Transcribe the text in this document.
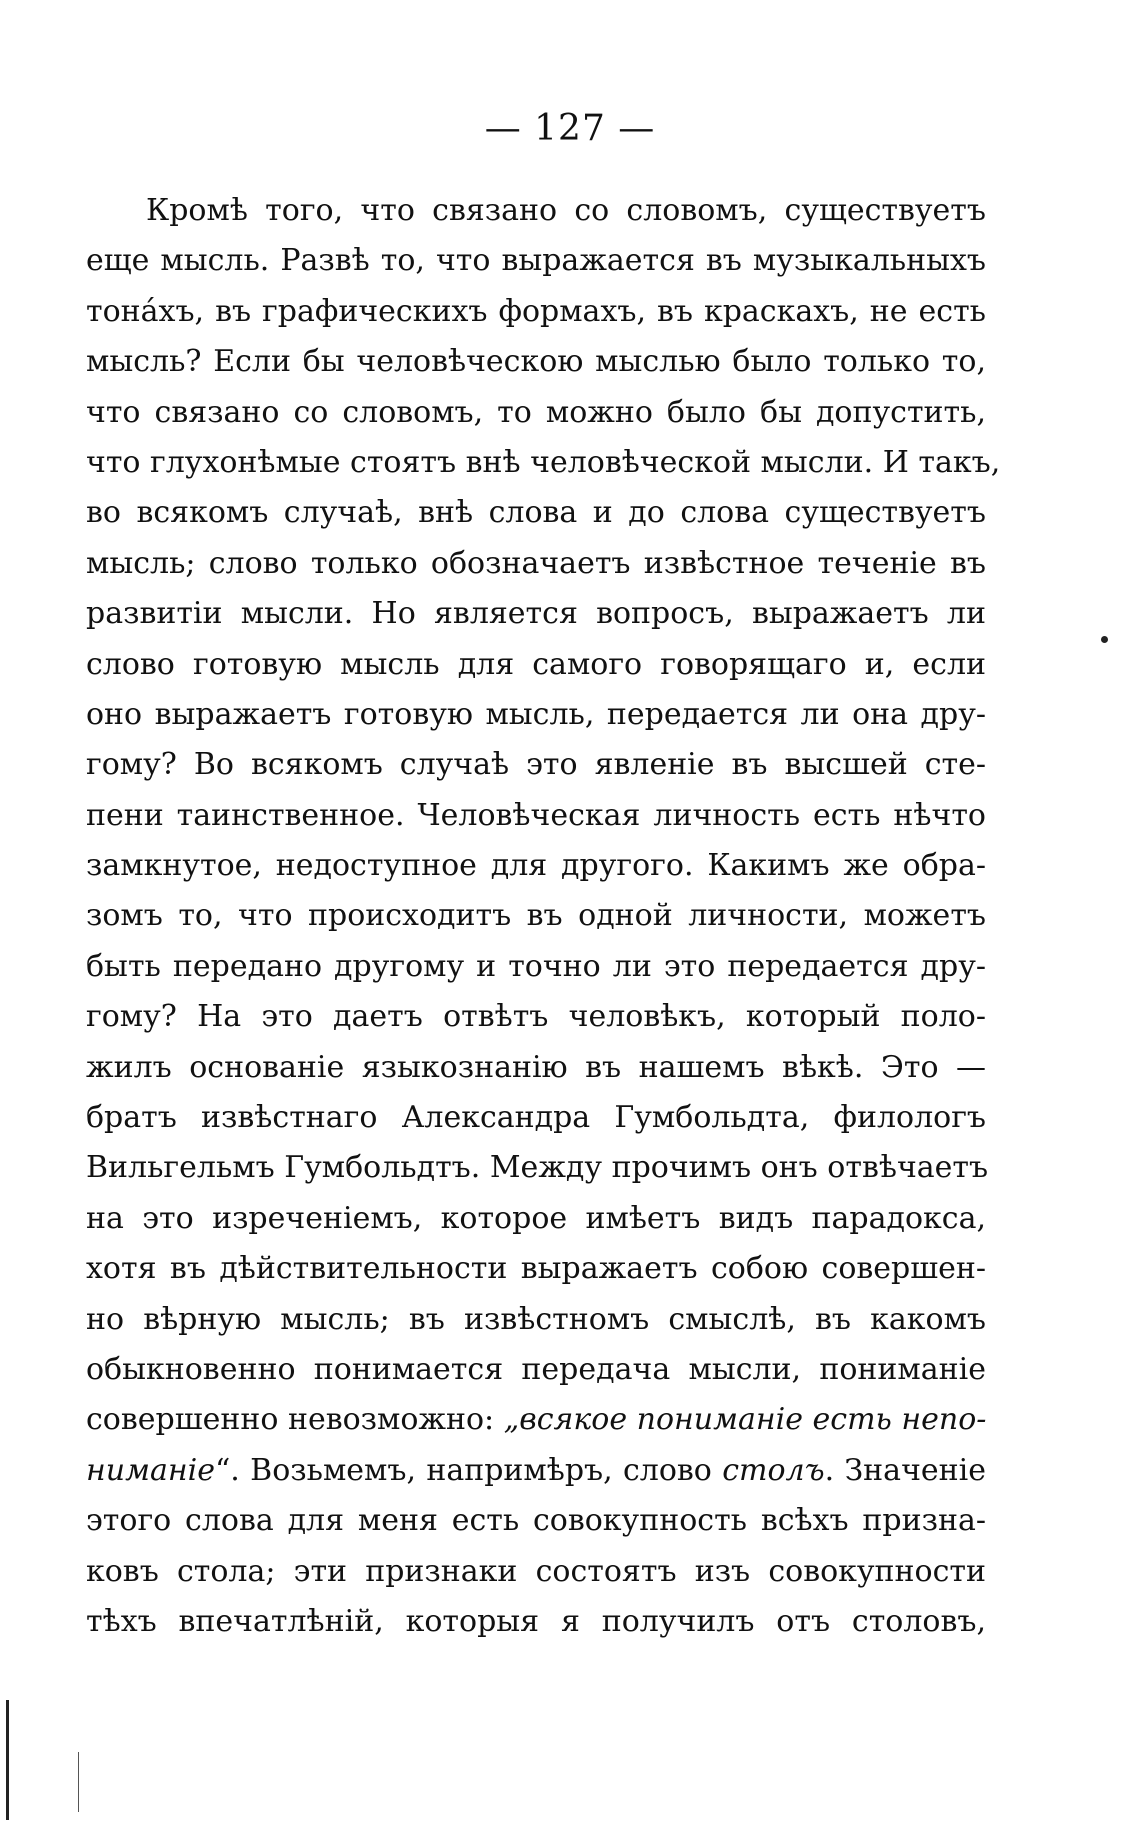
— 127 —
Кромѣ того, что связано со словомъ, существуетъ
еще мысль. Развѣ то, что выражается въ музыкальныхъ
тонáхъ, въ графическихъ формахъ, въ краскахъ, не есть
мысль? Если бы человѣческою мыслью было только то,
что связано со словомъ, то можно было бы допустить,
что глухонѣмые стоятъ внѣ человѣческой мысли. И такъ,
во всякомъ случаѣ, внѣ слова и до слова существуетъ
мысль; слово только обозначаетъ извѣстное теченіе въ
развитіи мысли. Но является вопросъ, выражаетъ ли
слово готовую мысль для самого говорящаго и, если
оно выражаетъ готовую мысль, передается ли она дру-
гому? Во всякомъ случаѣ это явленіе въ высшей сте-
пени таинственное. Человѣческая личность есть нѣчто
замкнутое, недоступное для другого. Какимъ же обра-
зомъ то, что происходитъ въ одной личности, можетъ
быть передано другому и точно ли это передается дру-
гому? На это даетъ отвѣтъ человѣкъ, который поло-
жилъ основаніе языкознанію въ нашемъ вѣкѣ. Это —
братъ извѣстнаго Александра Гумбольдта, филологъ
Вильгельмъ Гумбольдтъ. Между прочимъ онъ отвѣчаетъ
на это изреченіемъ, которое имѣетъ видъ парадокса,
хотя въ дѣйствительности выражаетъ собою совершен-
но вѣрную мысль; въ извѣстномъ смыслѣ, въ какомъ
обыкновенно понимается передача мысли, пониманіе
совершенно невозможно: „всякое пониманіе есть непо-
ниманіе“. Возьмемъ, напримѣръ, слово столъ. Значеніе
этого слова для меня есть совокупность всѣхъ призна-
ковъ стола; эти признаки состоятъ изъ совокупности
тѣхъ впечатлѣній, которыя я получилъ отъ столовъ,
